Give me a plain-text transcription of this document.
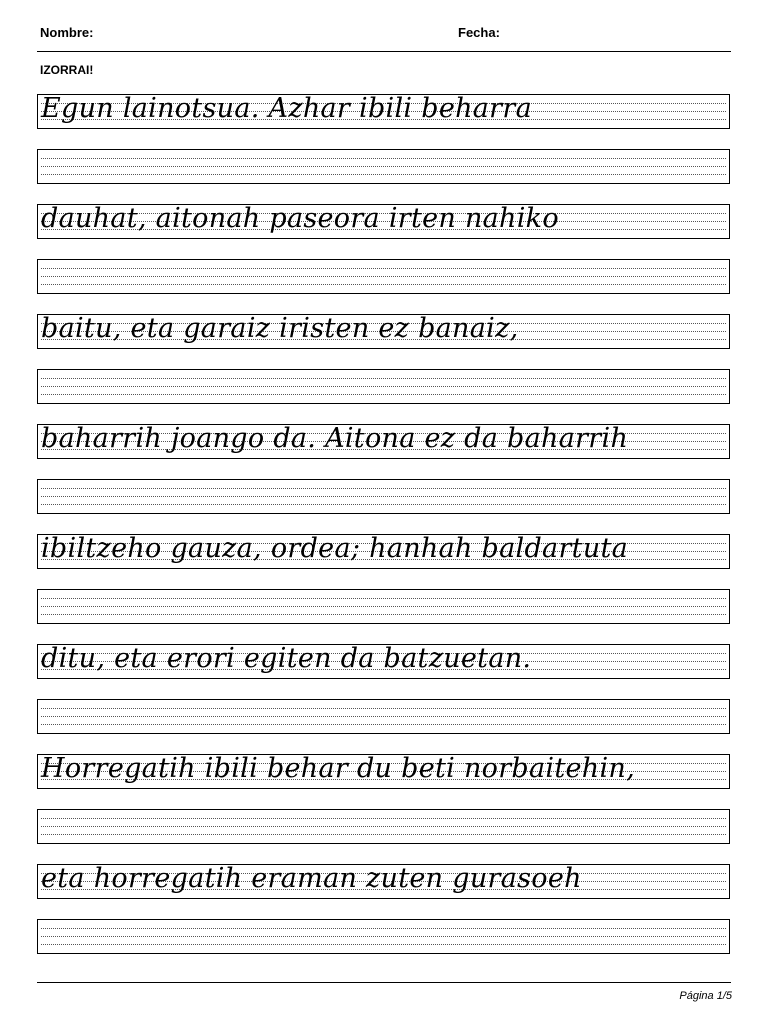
Nombre:	Fecha:
IZORRAI!
Egun lainotsua. Azhar ibili beharra
dauhat, aitonah paseora irten nahiko
baitu, eta garaiz iristen ez banaiz,
baharrih joango da. Aitona ez da baharrih
ibiltzeho gauza, ordea; hanhah baldartuta
ditu, eta erori egiten da batzuetan.
Horregatih ibili behar du beti norbaitehin,
eta horregatih eraman zuten gurasoeh
Página 1/5
